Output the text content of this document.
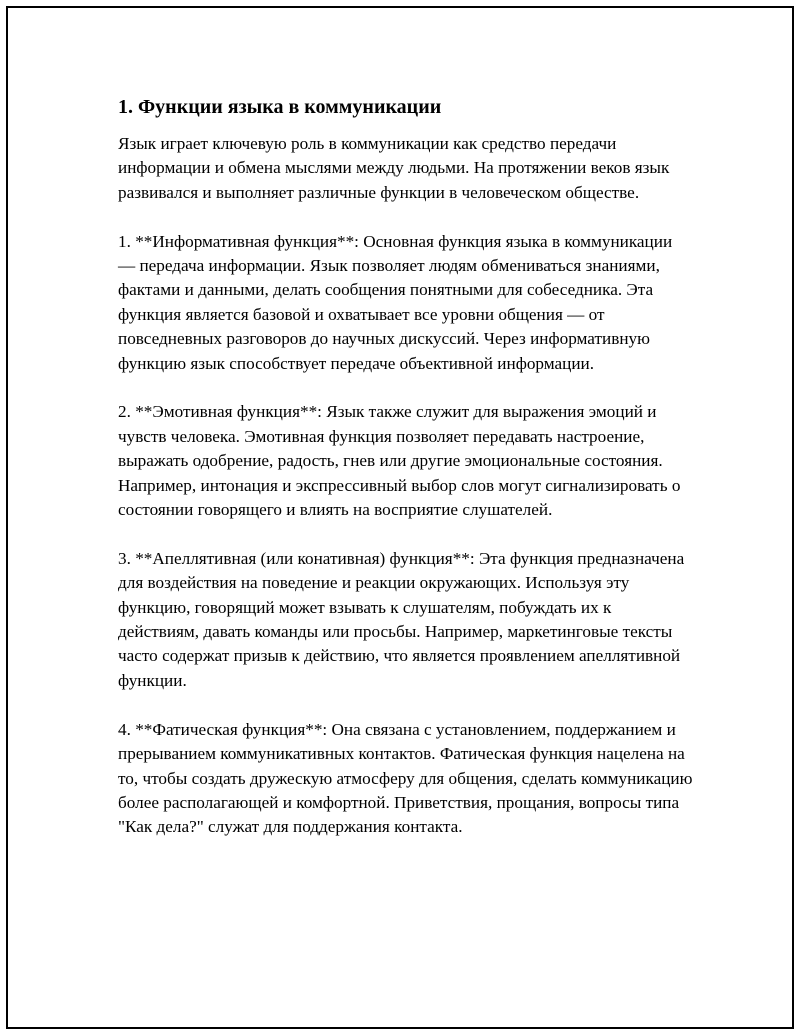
1. Функции языка в коммуникации

Язык играет ключевую роль в коммуникации как средство передачи информации и обмена мыслями между людьми. На протяжении веков язык развивался и выполняет различные функции в человеческом обществе.

1. **Информативная функция**: Основная функция языка в коммуникации — передача информации. Язык позволяет людям обмениваться знаниями, фактами и данными, делать сообщения понятными для собеседника. Эта функция является базовой и охватывает все уровни общения — от повседневных разговоров до научных дискуссий. Через информативную функцию язык способствует передаче объективной информации.

2. **Эмотивная функция**: Язык также служит для выражения эмоций и чувств человека. Эмотивная функция позволяет передавать настроение, выражать одобрение, радость, гнев или другие эмоциональные состояния. Например, интонация и экспрессивный выбор слов могут сигнализировать о состоянии говорящего и влиять на восприятие слушателей.

3. **Апеллятивная (или конативная) функция**: Эта функция предназначена для воздействия на поведение и реакции окружающих. Используя эту функцию, говорящий может взывать к слушателям, побуждать их к действиям, давать команды или просьбы. Например, маркетинговые тексты часто содержат призыв к действию, что является проявлением апеллятивной функции.

4. **Фатическая функция**: Она связана с установлением, поддержанием и прерыванием коммуникативных контактов. Фатическая функция нацелена на то, чтобы создать дружескую атмосферу для общения, сделать коммуникацию более располагающей и комфортной. Приветствия, прощания, вопросы типа "Как дела?" служат для поддержания контакта.
